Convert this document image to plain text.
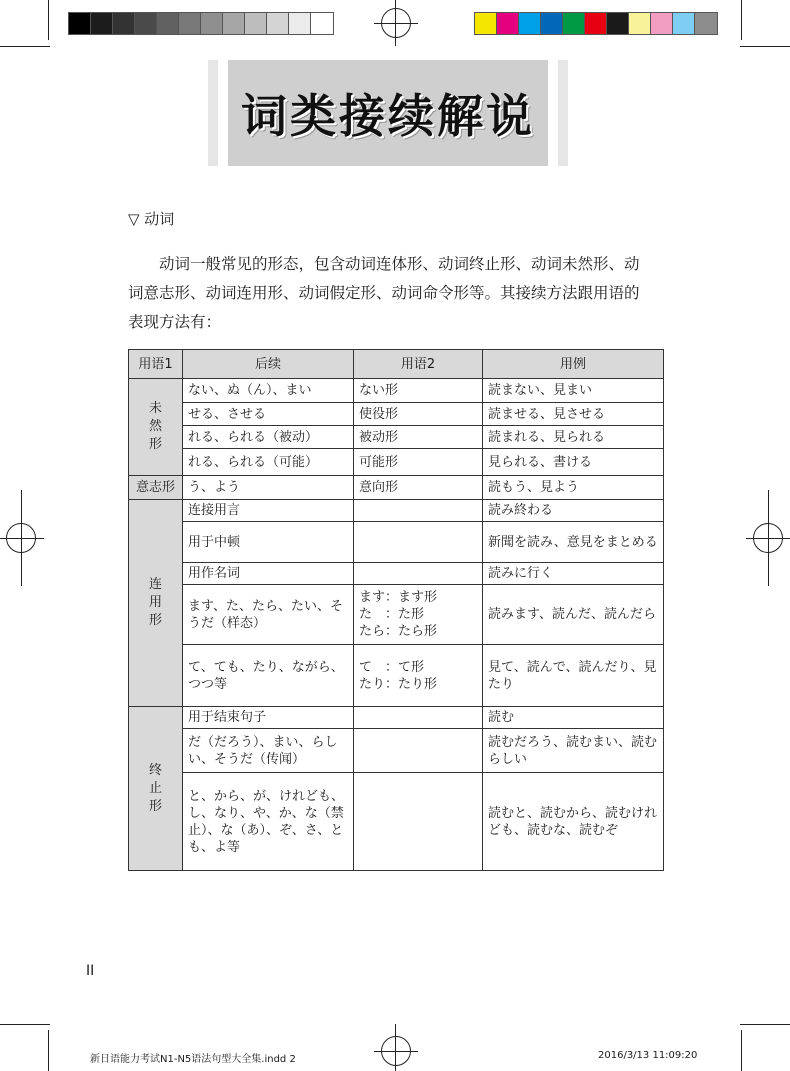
词类接续解说
▽ 动词
动词一般常见的形态，包含动词连体形、动词终止形、动词未然形、动
词意志形、动词连用形、动词假定形、动词命令形等。其接续方法跟用语的
表现方法有：
用语1	后续	用语2	用例
未然形	ない、ぬ（ん）、まい	ない形	読まない、見まい
	せる、させる	使役形	読ませる、見させる
	れる、られる（被动）	被动形	読まれる、見られる
	れる、られる（可能）	可能形	見られる、書ける
意志形	う、よう	意向形	読もう、見よう
连用形	连接用言		読み終わる
	用于中顿		新聞を読み、意見をまとめる
	用作名词		読みに行く
	ます、た、たら、たい、そうだ（样态）	ます：ます形
た　：た形
たら：たら形	読みます、読んだ、読んだら
	て、ても、たり、ながら、つつ等	て　：て形
たり：たり形	見て、読んで、読んだり、見たり
终止形	用于结束句子		読む
	だ（だろう）、まい、らしい、そうだ（传闻）		読むだろう、読むまい、読むらしい
	と、から、が、けれども、し、なり、や、か、な（禁止）、な（あ）、ぞ、さ、とも、よ等		読むと、読むから、読むけれども、読むな、読むぞ
II
新日语能力考试N1-N5语法句型大全集.indd 2	2016/3/13 11:09:20
